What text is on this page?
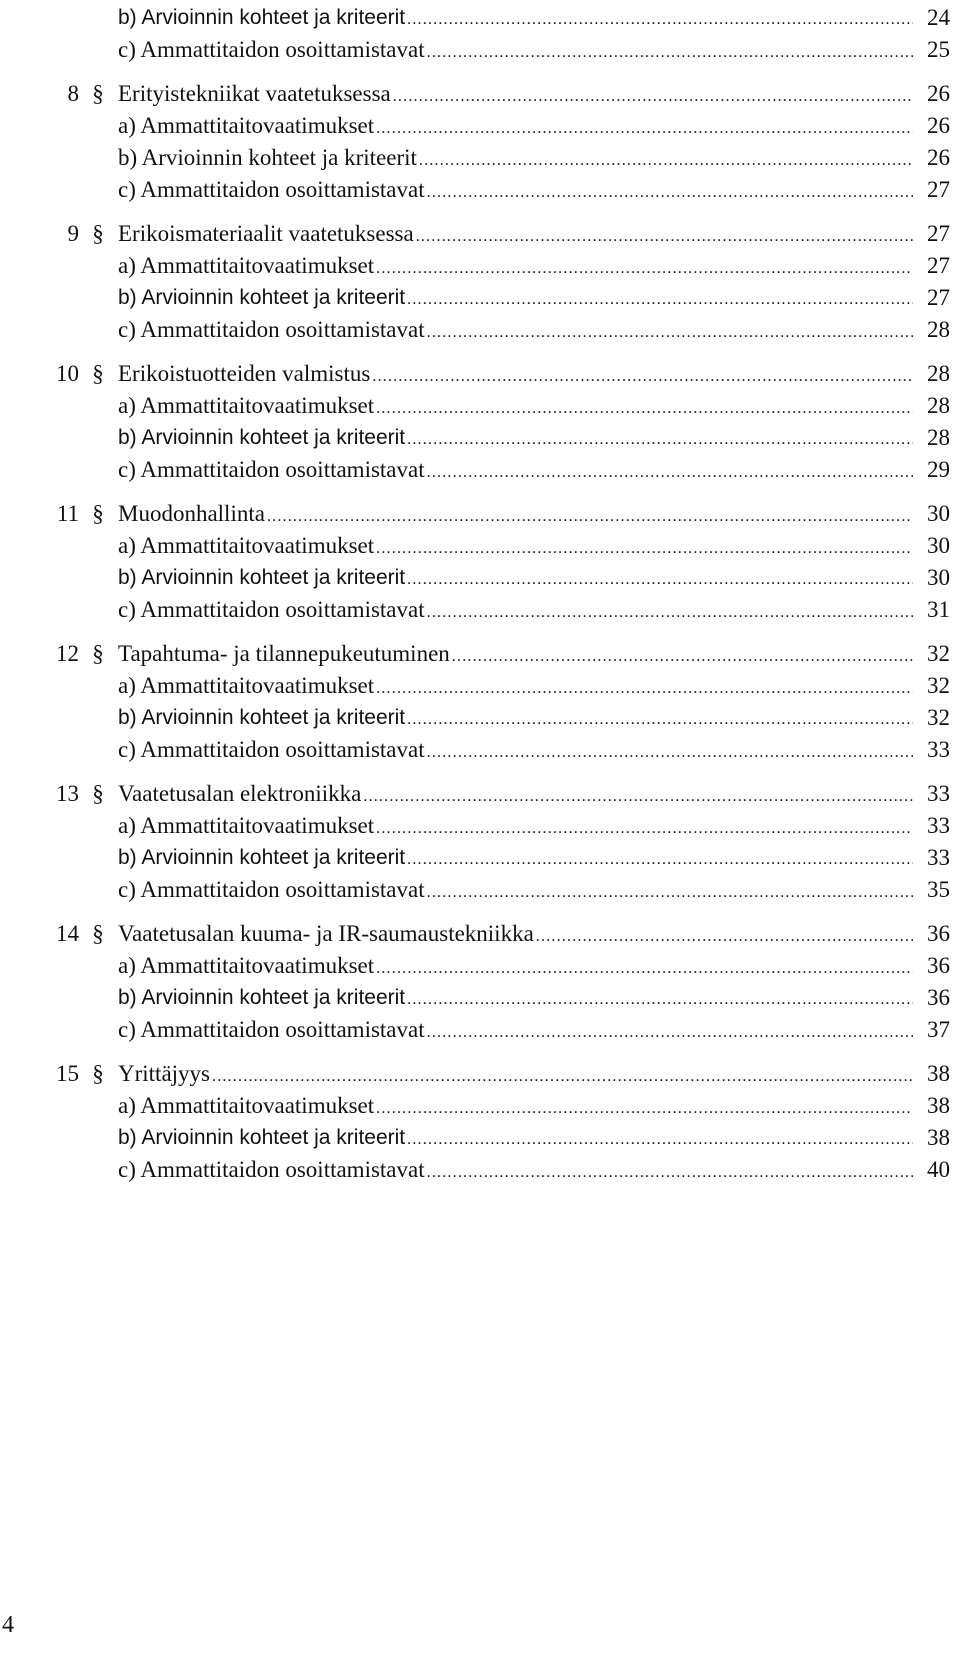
b) Arvioinnin kohteet ja kriteerit .....	24
c) Ammattitaidon osoittamistavat .....	25
8 § Erityistekniikat vaatetuksessa .....	26
a) Ammattitaitovaatimukset .....	26
b) Arvioinnin kohteet ja kriteerit .....	26
c) Ammattitaidon osoittamistavat .....	27
9 § Erikoismateriaalit vaatetuksessa .....	27
a) Ammattitaitovaatimukset .....	27
b) Arvioinnin kohteet ja kriteerit .....	27
c) Ammattitaidon osoittamistavat .....	28
10 § Erikoistuotteiden valmistus .....	28
a) Ammattitaitovaatimukset .....	28
b) Arvioinnin kohteet ja kriteerit .....	28
c) Ammattitaidon osoittamistavat .....	29
11 § Muodonhallinta .....	30
a) Ammattitaitovaatimukset .....	30
b) Arvioinnin kohteet ja kriteerit .....	30
c) Ammattitaidon osoittamistavat .....	31
12 § Tapahtuma- ja tilannepukeutuminen .....	32
a) Ammattitaitovaatimukset .....	32
b) Arvioinnin kohteet ja kriteerit .....	32
c) Ammattitaidon osoittamistavat .....	33
13 § Vaatetusalan elektroniikka .....	33
a) Ammattitaitovaatimukset .....	33
b) Arvioinnin kohteet ja kriteerit .....	33
c) Ammattitaidon osoittamistavat .....	35
14 § Vaatetusalan kuuma- ja IR-saumaustekniikka .....	36
a) Ammattitaitovaatimukset .....	36
b) Arvioinnin kohteet ja kriteerit .....	36
c) Ammattitaidon osoittamistavat .....	37
15 § Yrittäjyys .....	38
a) Ammattitaitovaatimukset .....	38
b) Arvioinnin kohteet ja kriteerit .....	38
c) Ammattitaidon osoittamistavat .....	40
4
